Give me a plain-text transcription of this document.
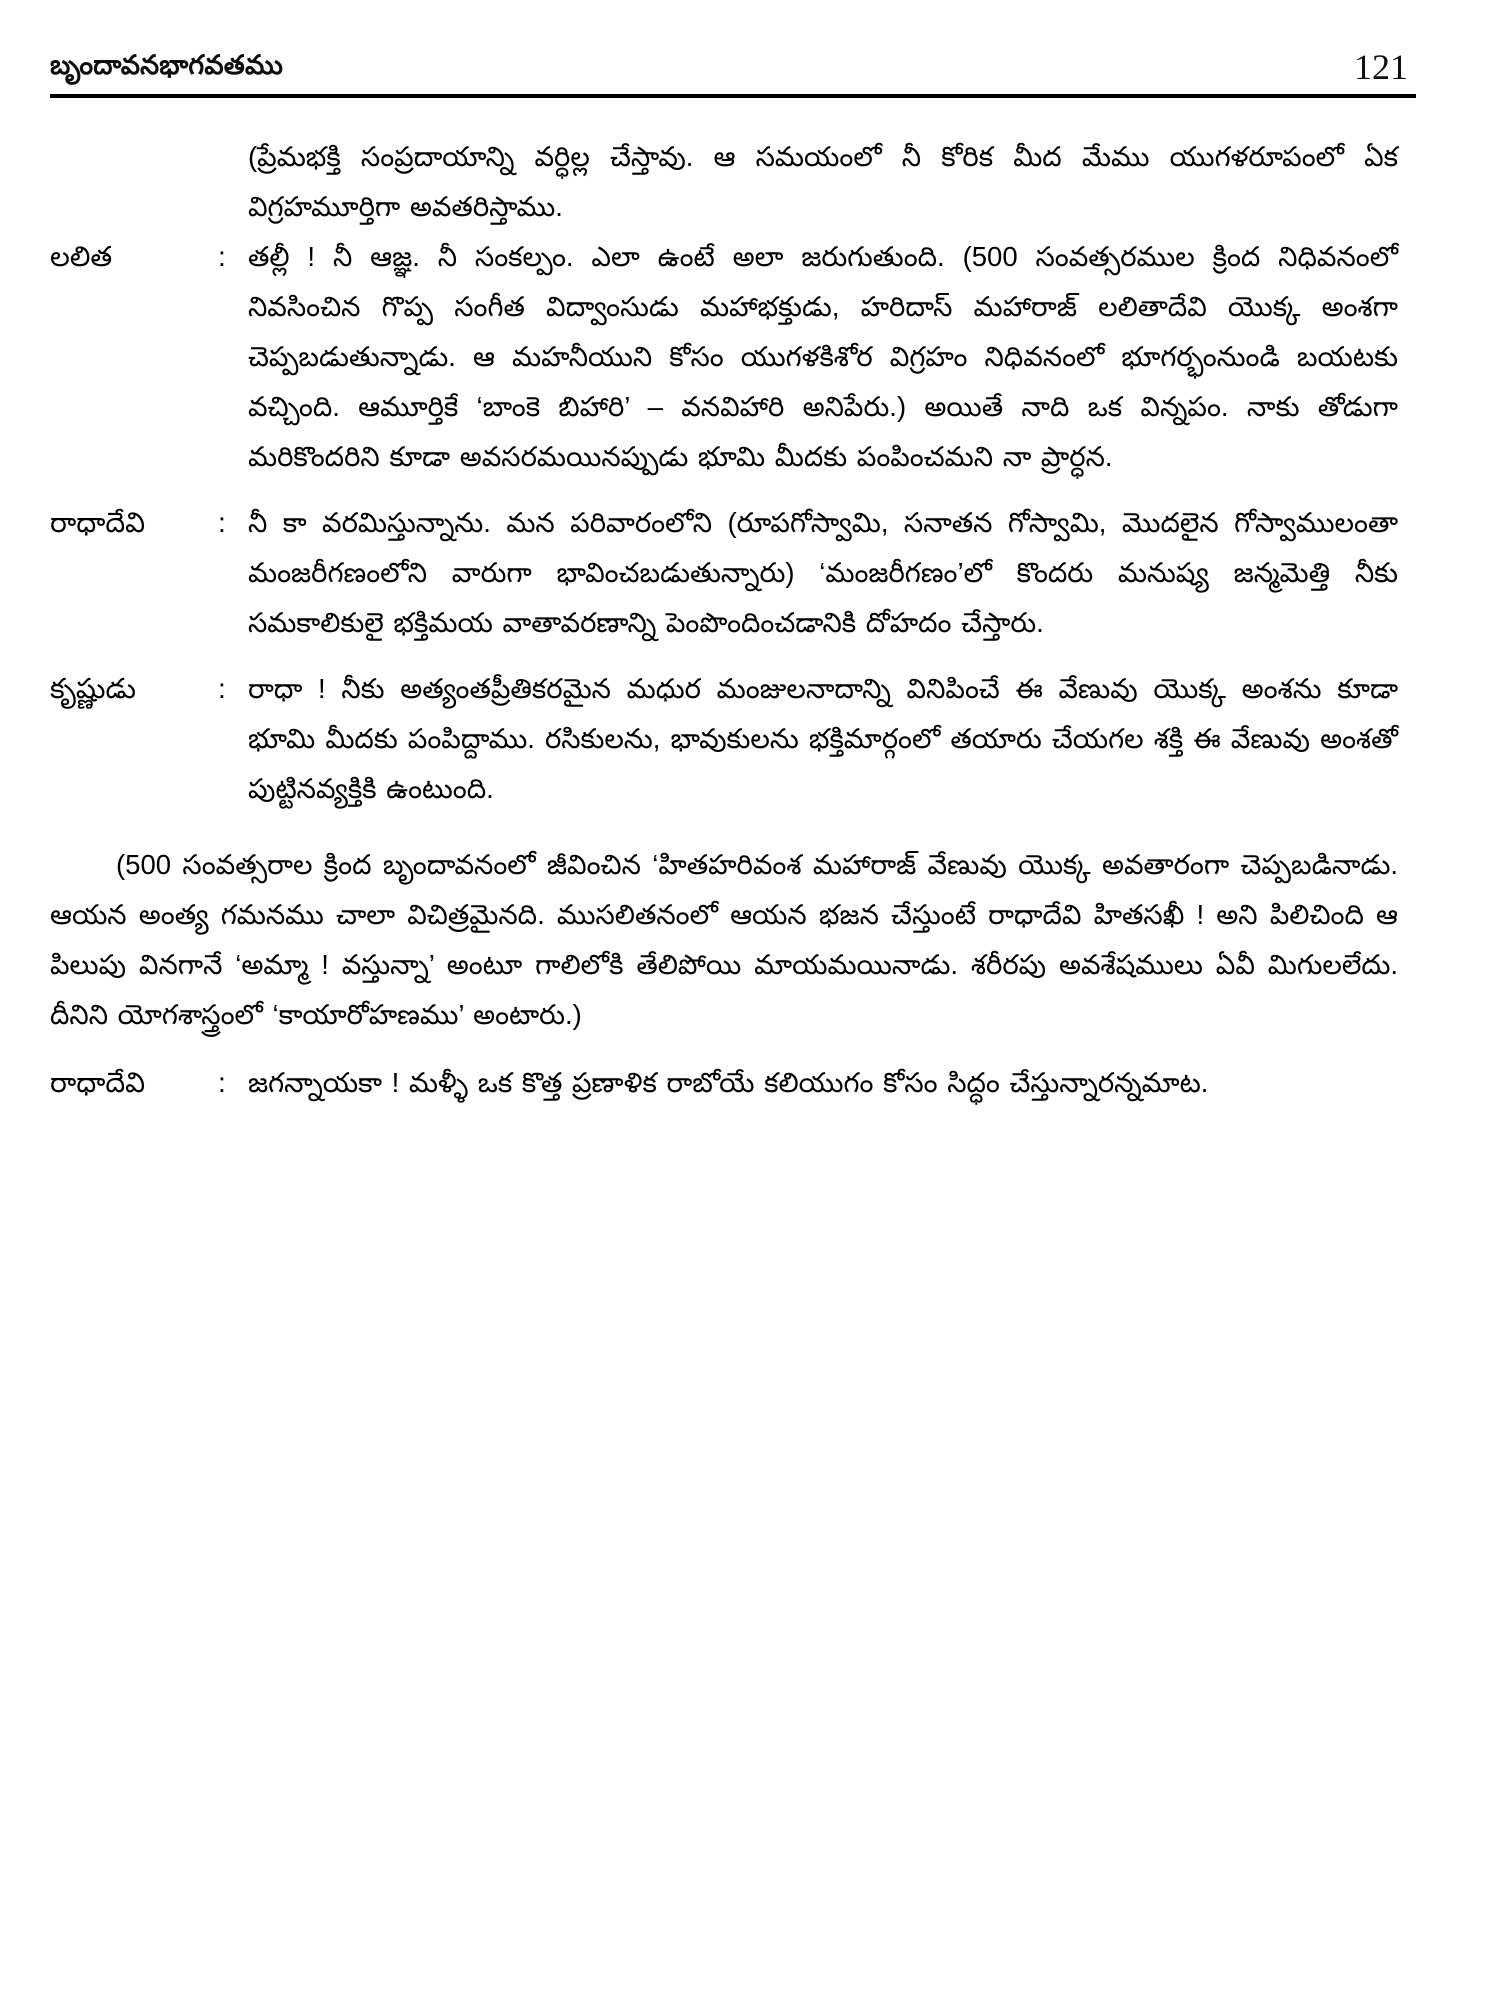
బృందావనభాగవతము	121
(ప్రేమభక్తి సంప్రదాయాన్ని వర్ధిల్ల చేస్తావు. ఆ సమయంలో నీ కోరిక మీద మేము యుగళరూపంలో ఏక విగ్రహమూర్తిగా అవతరిస్తాము.
లలిత	: తల్లీ ! నీ ఆజ్ఞ. నీ సంకల్పం. ఎలా ఉంటే అలా జరుగుతుంది. (500 సంవత్సరముల క్రింద నిధివనంలో నివసించిన గొప్ప సంగీత విద్వాంసుడు మహాభక్తుడు, హరిదాస్ మహారాజ్ లలితాదేవి యొక్క అంశగా చెప్పబడుతున్నాడు. ఆ మహనీయుని కోసం యుగళకిశోర విగ్రహం నిధివనంలో భూగర్భంనుండి బయటకు వచ్చింది. ఆమూర్తికే ‘బాంకె బిహారి’ – వనవిహారి అనిపేరు.) అయితే నాది ఒక విన్నపం. నాకు తోడుగా మరికొందరిని కూడా అవసరమయినప్పుడు భూమి మీదకు పంపించమని నా ప్రార్ధన.
రాధాదేవి	: నీ కా వరమిస్తున్నాను. మన పరివారంలోని (రూపగోస్వామి, సనాతన గోస్వామి, మొదలైన గోస్వాములంతా మంజరీగణంలోని వారుగా భావించబడుతున్నారు) ‘మంజరీగణం’లో కొందరు మనుష్య జన్మమెత్తి నీకు సమకాలికులై భక్తిమయ వాతావరణాన్ని పెంపొందించడానికి దోహదం చేస్తారు.
కృష్ణుడు	: రాధా ! నీకు అత్యంతప్రీతికరమైన మధుర మంజులనాదాన్ని వినిపించే ఈ వేణువు యొక్క అంశను కూడా భూమి మీదకు పంపిద్దాము. రసికులను, భావుకులను భక్తిమార్గంలో తయారు చేయగల శక్తి ఈ వేణువు అంశతో పుట్టినవ్యక్తికి ఉంటుంది.
(500 సంవత్సరాల క్రింద బృందావనంలో జీవించిన ‘హితహరివంశ మహారాజ్ వేణువు యొక్క అవతారంగా చెప్పబడినాడు. ఆయన అంత్య గమనము చాలా విచిత్రమైనది. ముసలితనంలో ఆయన భజన చేస్తుంటే రాధాదేవి హితసఖీ ! అని పిలిచింది ఆ పిలుపు వినగానే ‘అమ్మా ! వస్తున్నా’ అంటూ గాలిలోకి తేలిపోయి మాయమయినాడు. శరీరపు అవశేషములు ఏవీ మిగులలేదు. దీనిని యోగశాస్త్రంలో ‘కాయారోహణము’ అంటారు.)
రాధాదేవి	: జగన్నాయకా ! మళ్ళీ ఒక కొత్త ప్రణాళిక రాబోయే కలియుగం కోసం సిద్ధం చేస్తున్నారన్నమాట.
